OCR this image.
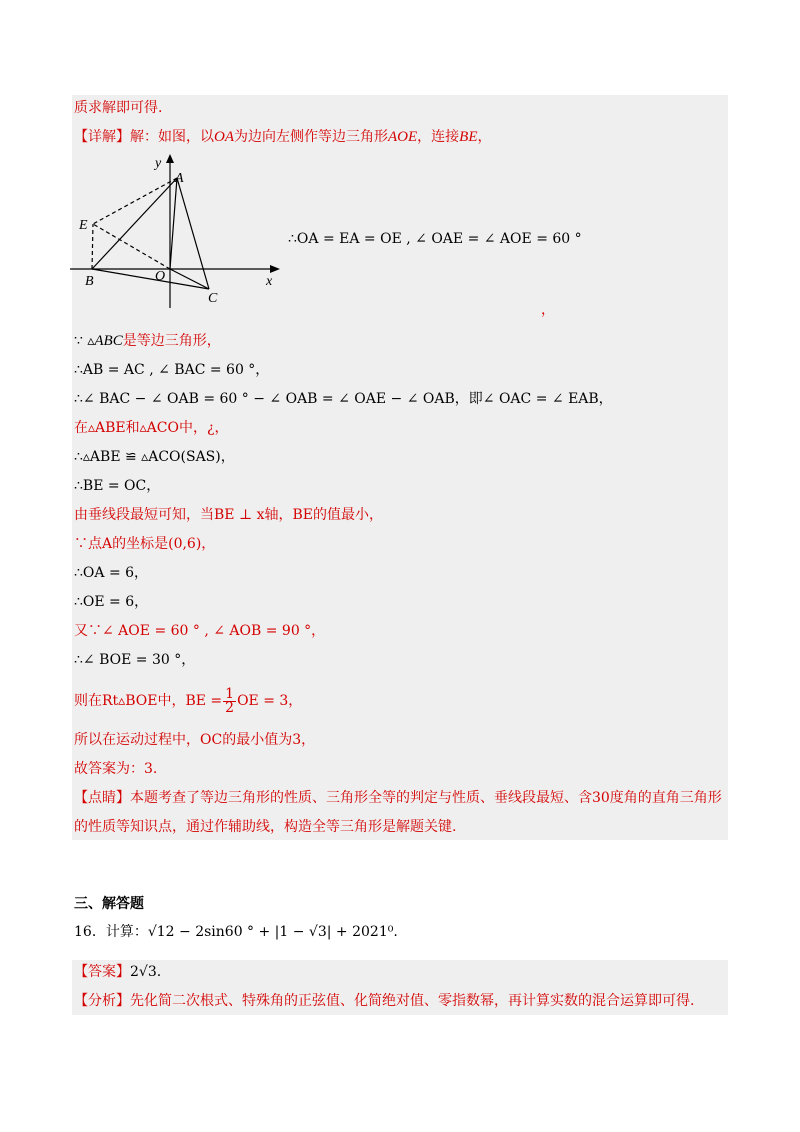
质求解即可得.
【详解】解：如图，以OA为边向左侧作等边三角形AOE，连接BE，
y
A
E
B	O
C
x
∴OA = EA = OE , ∠ OAE = ∠ AOE = 60 °
，
∵ ▵ABC是等边三角形，
∴AB = AC , ∠ BAC = 60 °，
∴∠ BAC − ∠ OAB = 60 ° − ∠ OAB = ∠ OAE − ∠ OAB，即∠ OAC = ∠ EAB，
在▵ABE和▵ACO中，¿，
∴▵ABE ≌ ▵ACO(SAS)，
∴BE = OC，
由垂线段最短可知，当BE ⊥ x轴，BE的值最小，
∵点A的坐标是(0,6)，
∴OA = 6，
∴OE = 6，
又∵∠ AOE = 60 ° , ∠ AOB = 90 °，
∴∠ BOE = 30 °，
则在Rt▵BOE中，BE = $\frac{1}{2}$ OE = 3，
所以在运动过程中，OC的最小值为3，
故答案为：3.
【点睛】本题考查了等边三角形的性质、三角形全等的判定与性质、垂线段最短、含30度角的直角三角形
的性质等知识点，通过作辅助线，构造全等三角形是解题关键.
三、解答题
16．计算：√12 − 2sin60 ° + |1 − √3| + 2021⁰.
【答案】2√3.
【分析】先化简二次根式、特殊角的正弦值、化简绝对值、零指数幂，再计算实数的混合运算即可得.
